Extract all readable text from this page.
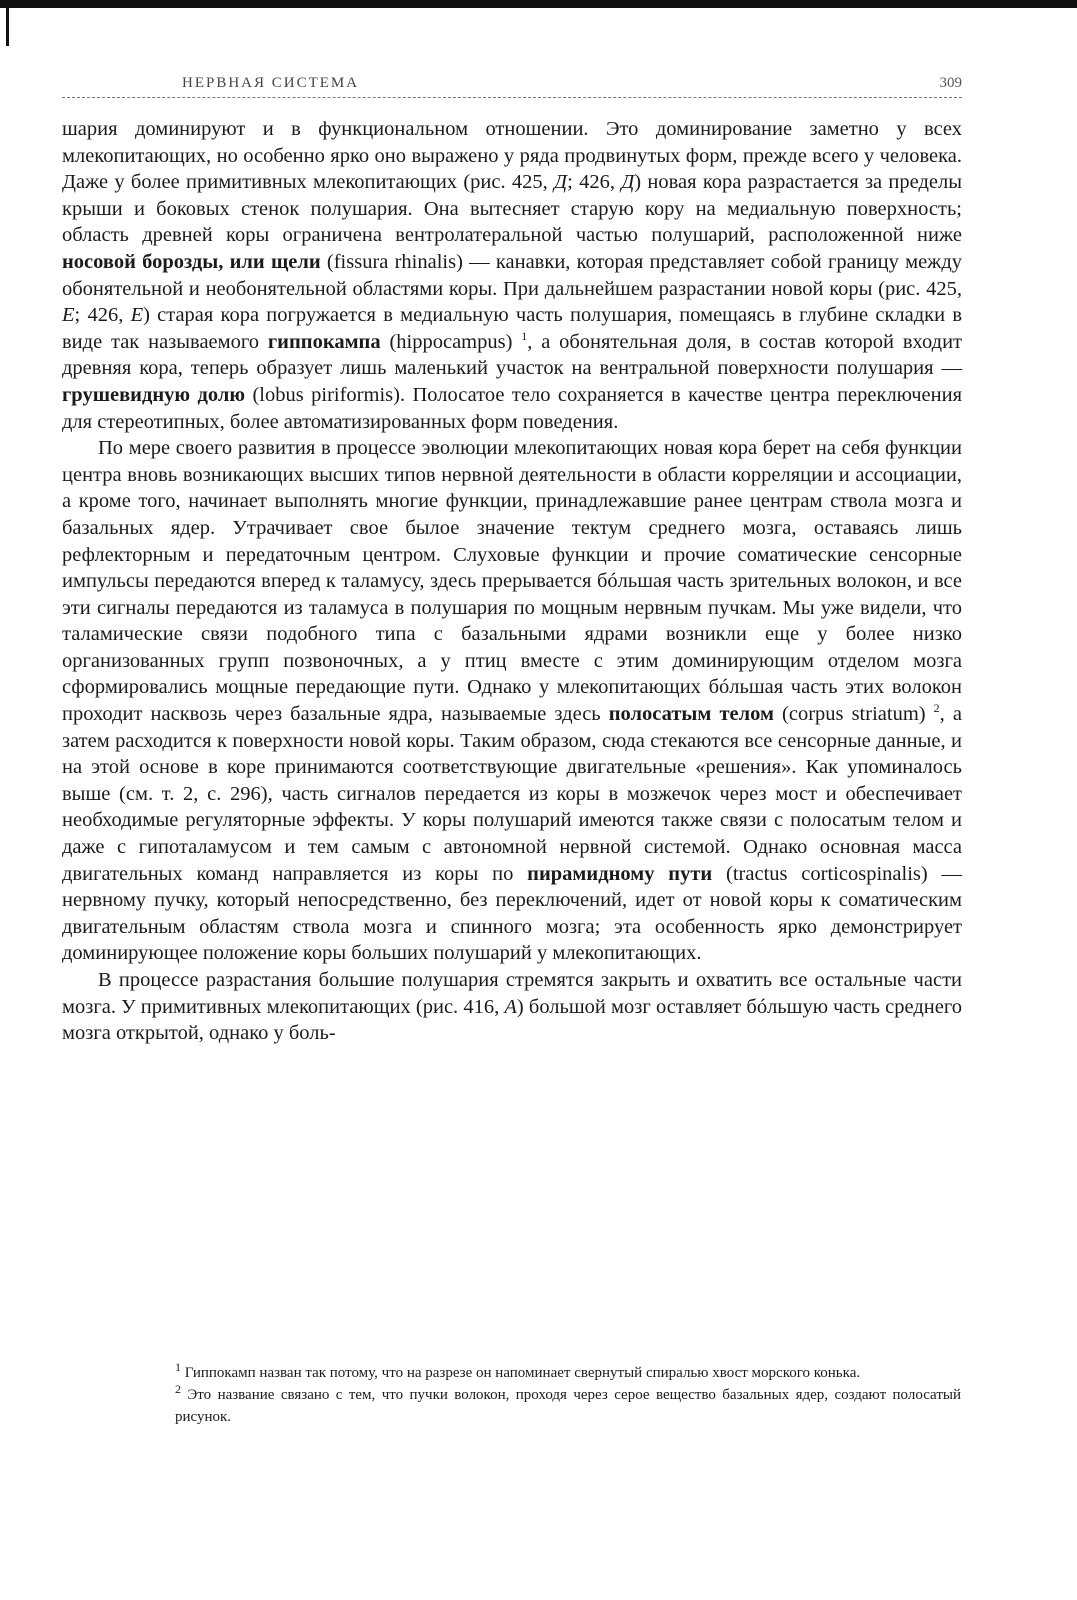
НЕРВНАЯ СИСТЕМА	309

шария доминируют и в функциональном отношении. Это доминирование заметно у всех млекопитающих, но особенно ярко оно выражено у ряда продвинутых форм, прежде всего у человека. Даже у более примитивных млекопитающих (рис. 425, Д; 426, Д) новая кора разрастается за пределы крыши и боковых стенок полушария. Она вытесняет старую кору на медиальную поверхность; область древней коры ограничена вентролатеральной частью полушарий, расположенной ниже носовой борозды, или щели (fissura rhinalis) — канавки, которая представляет собой границу между обонятельной и необонятельной областями коры. При дальнейшем разрастании новой коры (рис. 425, Е; 426, Е) старая кора погружается в медиальную часть полушария, помещаясь в глубине складки в виде так называемого гиппокампа (hippocampus) $^1$, а обонятельная доля, в состав которой входит древняя кора, теперь образует лишь маленький участок на вентральной поверхности полушария — грушевидную долю (lobus piriformis). Полосатое тело сохраняется в качестве центра переключения для стереотипных, более автоматизированных форм поведения.

По мере своего развития в процессе эволюции млекопитающих новая кора берет на себя функции центра вновь возникающих высших типов нервной деятельности в области корреляции и ассоциации, а кроме того, начинает выполнять многие функции, принадлежавшие ранее центрам ствола мозга и базальных ядер. Утрачивает свое былое значение тектум среднего мозга, оставаясь лишь рефлекторным и передаточным центром. Слуховые функции и прочие соматические сенсорные импульсы передаются вперед к таламусу, здесь прерывается бóльшая часть зрительных волокон, и все эти сигналы передаются из таламуса в полушария по мощным нервным пучкам. Мы уже видели, что таламические связи подобного типа с базальными ядрами возникли еще у более низко организованных групп позвоночных, а у птиц вместе с этим доминирующим отделом мозга сформировались мощные передающие пути. Однако у млекопитающих бóльшая часть этих волокон проходит насквозь через базальные ядра, называемые здесь полосатым телом (corpus striatum) $^2$, а затем расходится к поверхности новой коры. Таким образом, сюда стекаются все сенсорные данные, и на этой основе в коре принимаются соответствующие двигательные «решения». Как упоминалось выше (см. т. 2, с. 296), часть сигналов передается из коры в мозжечок через мост и обеспечивает необходимые регуляторные эффекты. У коры полушарий имеются также связи с полосатым телом и даже с гипоталамусом и тем самым с автономной нервной системой. Однако основная масса двигательных команд направляется из коры по пирамидному пути (tractus corticospinalis) — нервному пучку, который непосредственно, без переключений, идет от новой коры к соматическим двигательным областям ствола мозга и спинного мозга; эта особенность ярко демонстрирует доминирующее положение коры больших полушарий у млекопитающих.

В процессе разрастания большие полушария стремятся закрыть и охватить все остальные части мозга. У примитивных млекопитающих (рис. 416, А) большой мозг оставляет бóльшую часть среднего мозга открытой, однако у боль-

$^1$ Гиппокамп назван так потому, что на разрезе он напоминает свернутый спиралью хвост морского конька.

$^2$ Это название связано с тем, что пучки волокон, проходя через серое вещество базальных ядер, создают полосатый рисунок.
